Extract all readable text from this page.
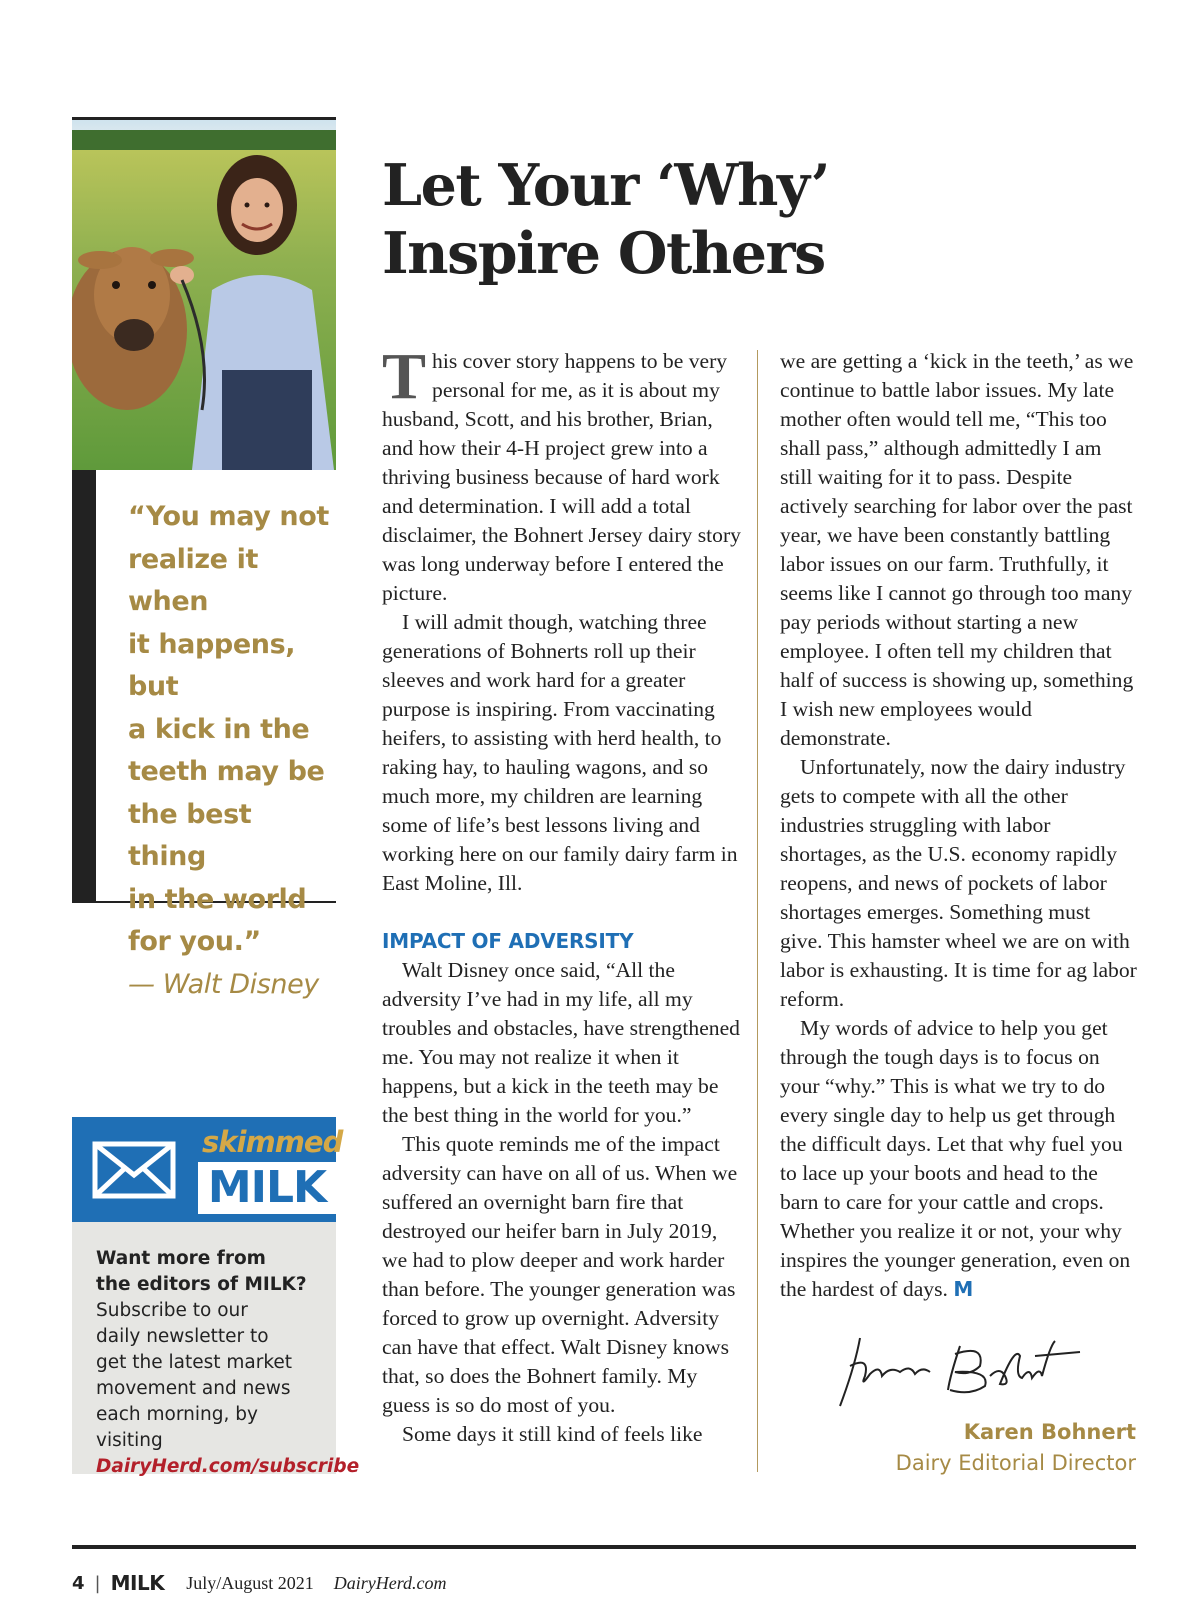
“You may not
realize it when
it happens, but
a kick in the
teeth may be
the best thing
in the world
for you.”
— Walt Disney
skimmed
MILK
Want more from
the editors of MILK?
Subscribe to our
daily newsletter to
get the latest market
movement and news
each morning, by visiting
DairyHerd.com/subscribe
Let Your ‘Why’
Inspire Others

This cover story happens to be very personal for me, as it is about my husband, Scott, and his brother, Brian, and how their 4-H project grew into a thriving business because of hard work and determination. I will add a total disclaimer, the Bohnert Jersey dairy story was long underway before I entered the picture.

I will admit though, watching three generations of Bohnerts roll up their sleeves and work hard for a greater purpose is inspiring. From vaccinating heifers, to assisting with herd health, to raking hay, to hauling wagons, and so much more, my children are learning some of life’s best lessons living and working here on our family dairy farm in East Moline, Ill.

IMPACT OF ADVERSITY

Walt Disney once said, “All the adversity I’ve had in my life, all my troubles and obstacles, have strengthened me. You may not realize it when it happens, but a kick in the teeth may be the best thing in the world for you.”

This quote reminds me of the impact adversity can have on all of us. When we suffered an overnight barn fire that destroyed our heifer barn in July 2019, we had to plow deeper and work harder than before. The younger generation was forced to grow up overnight. Adversity can have that effect. Walt Disney knows that, so does the Bohnert family. My guess is so do most of you.

Some days it still kind of feels like

we are getting a ‘kick in the teeth,’ as we continue to battle labor issues. My late mother often would tell me, “This too shall pass,” although admittedly I am still waiting for it to pass. Despite actively searching for labor over the past year, we have been constantly battling labor issues on our farm. Truthfully, it seems like I cannot go through too many pay periods without starting a new employee. I often tell my children that half of success is showing up, something I wish new employees would demonstrate.

Unfortunately, now the dairy industry gets to compete with all the other industries struggling with labor shortages, as the U.S. economy rapidly reopens, and news of pockets of labor shortages emerges. Something must give. This hamster wheel we are on with labor is exhausting. It is time for ag labor reform.

My words of advice to help you get through the tough days is to focus on your “why.” This is what we try to do every single day to help us get through the difficult days. Let that why fuel you to lace up your boots and head to the barn to care for your cattle and crops. Whether you realize it or not, your why inspires the younger generation, even on the hardest of days. M

Karen Bohnert
Dairy Editorial Director
4 | MILK July/August 2021 DairyHerd.com
